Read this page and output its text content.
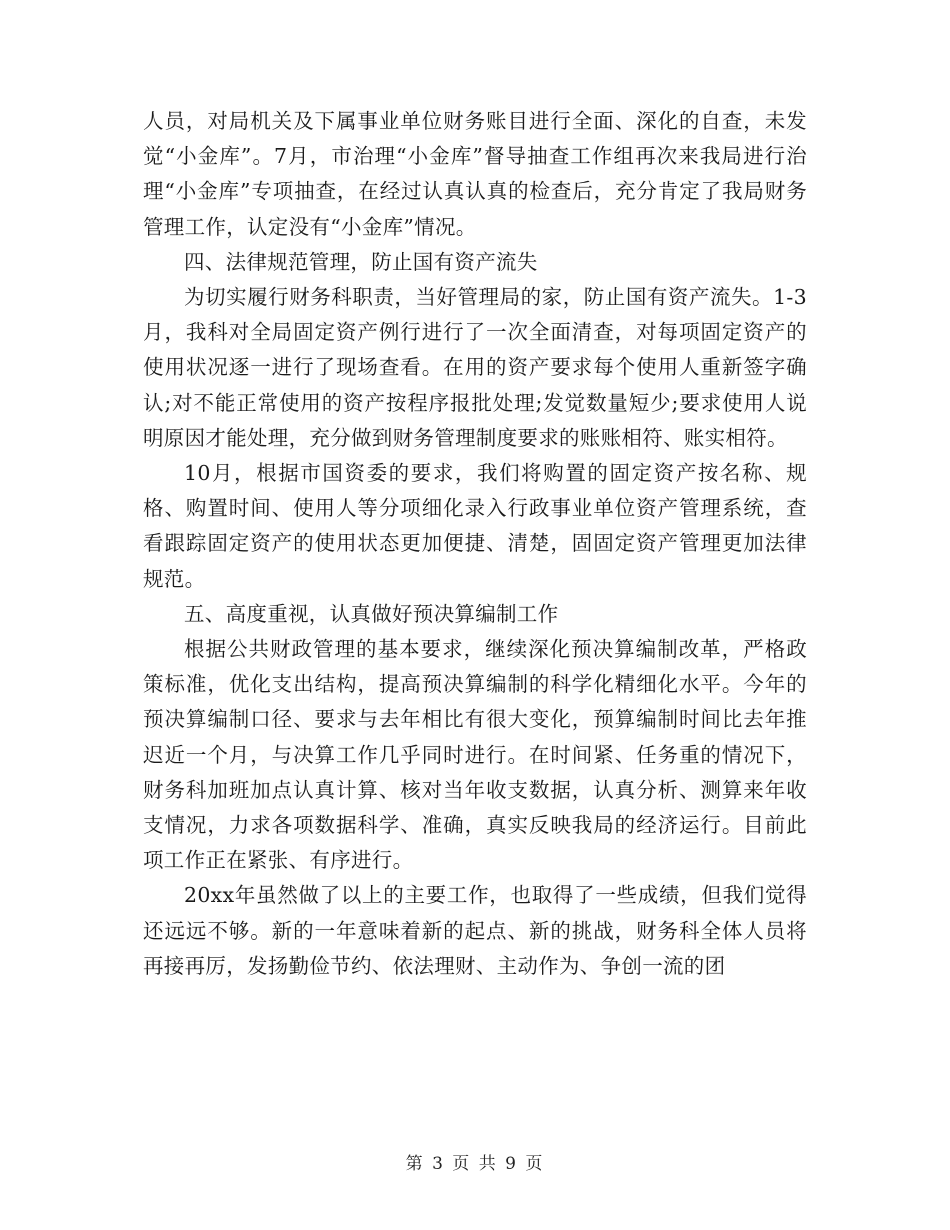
人员，对局机关及下属事业单位财务账目进行全面、深化的自查，未发觉“小金库”。7月，市治理“小金库”督导抽查工作组再次来我局进行治理“小金库”专项抽查，在经过认真认真的检查后，充分肯定了我局财务管理工作，认定没有“小金库”情况。

四、法律规范管理，防止国有资产流失

为切实履行财务科职责，当好管理局的家，防止国有资产流失。1-3月，我科对全局固定资产例行进行了一次全面清查，对每项固定资产的使用状况逐一进行了现场查看。在用的资产要求每个使用人重新签字确认;对不能正常使用的资产按程序报批处理;发觉数量短少;要求使用人说明原因才能处理，充分做到财务管理制度要求的账账相符、账实相符。

10月，根据市国资委的要求，我们将购置的固定资产按名称、规格、购置时间、使用人等分项细化录入行政事业单位资产管理系统，查看跟踪固定资产的使用状态更加便捷、清楚，固固定资产管理更加法律规范。

五、高度重视，认真做好预决算编制工作

根据公共财政管理的基本要求，继续深化预决算编制改革，严格政策标准，优化支出结构，提高预决算编制的科学化精细化水平。今年的预决算编制口径、要求与去年相比有很大变化，预算编制时间比去年推迟近一个月，与决算工作几乎同时进行。在时间紧、任务重的情况下，财务科加班加点认真计算、核对当年收支数据，认真分析、测算来年收支情况，力求各项数据科学、准确，真实反映我局的经济运行。目前此项工作正在紧张、有序进行。

20xx年虽然做了以上的主要工作，也取得了一些成绩，但我们觉得还远远不够。新的一年意味着新的起点、新的挑战，财务科全体人员将再接再厉，发扬勤俭节约、依法理财、主动作为、争创一流的团

第 3 页 共 9 页
